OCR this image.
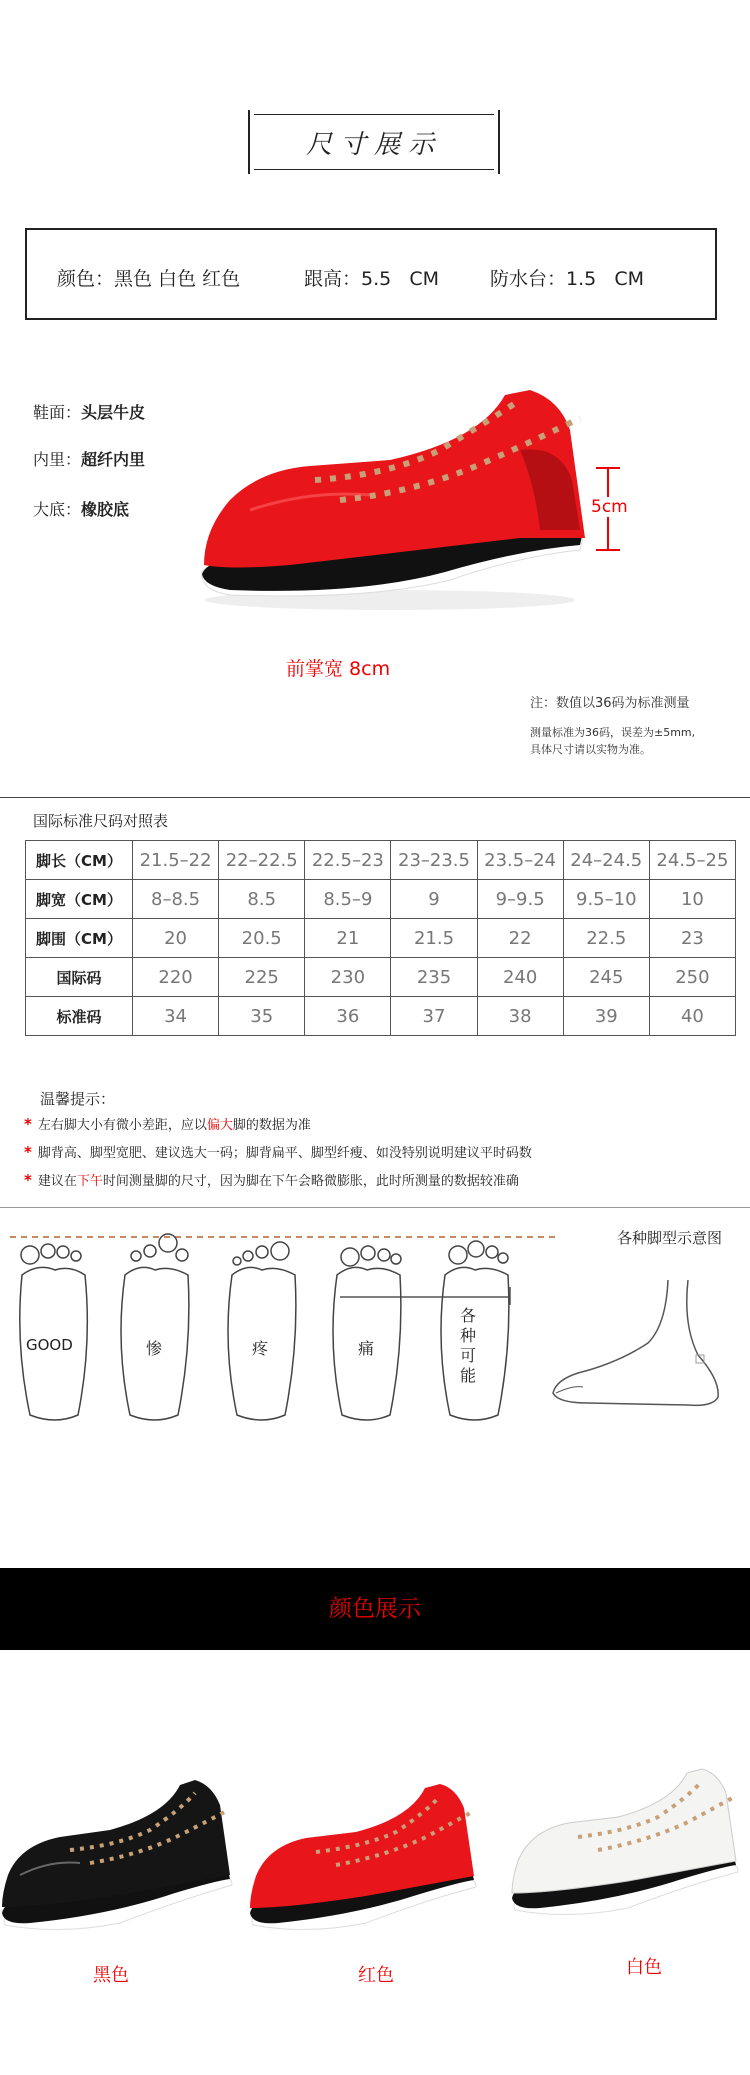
尺寸展示
颜色：黑色 白色 红色	跟高：5.5   CM	防水台：1.5   CM
鞋面：头层牛皮
内里：超纤内里
大底：橡胶底	5cm
前掌宽 8cm
注：数值以36码为标准测量
测量标准为36码，误差为±5mm,
具体尺寸请以实物为准。
国际标准尺码对照表
脚长（CM）	21.5–22	22–22.5	22.5–23	23–23.5	23.5–24	24–24.5	24.5–25
脚宽（CM）	8–8.5	8.5	8.5–9	9	9–9.5	9.5–10	10
脚围（CM）	20	20.5	21	21.5	22	22.5	23
国际码	220	225	230	235	240	245	250
标准码	34	35	36	37	38	39	40
温馨提示：
* 左右脚大小有微小差距，应以偏大脚的数据为准
* 脚背高、脚型宽肥、建议选大一码；脚背扁平、脚型纤瘦、如没特别说明建议平时码数
* 建议在下午时间测量脚的尺寸，因为脚在下午会略微膨胀，此时所测量的数据较准确
各种脚型示意图
GOOD	惨	疼	痛
各种可能
颜色展示
黑色	红色	白色
